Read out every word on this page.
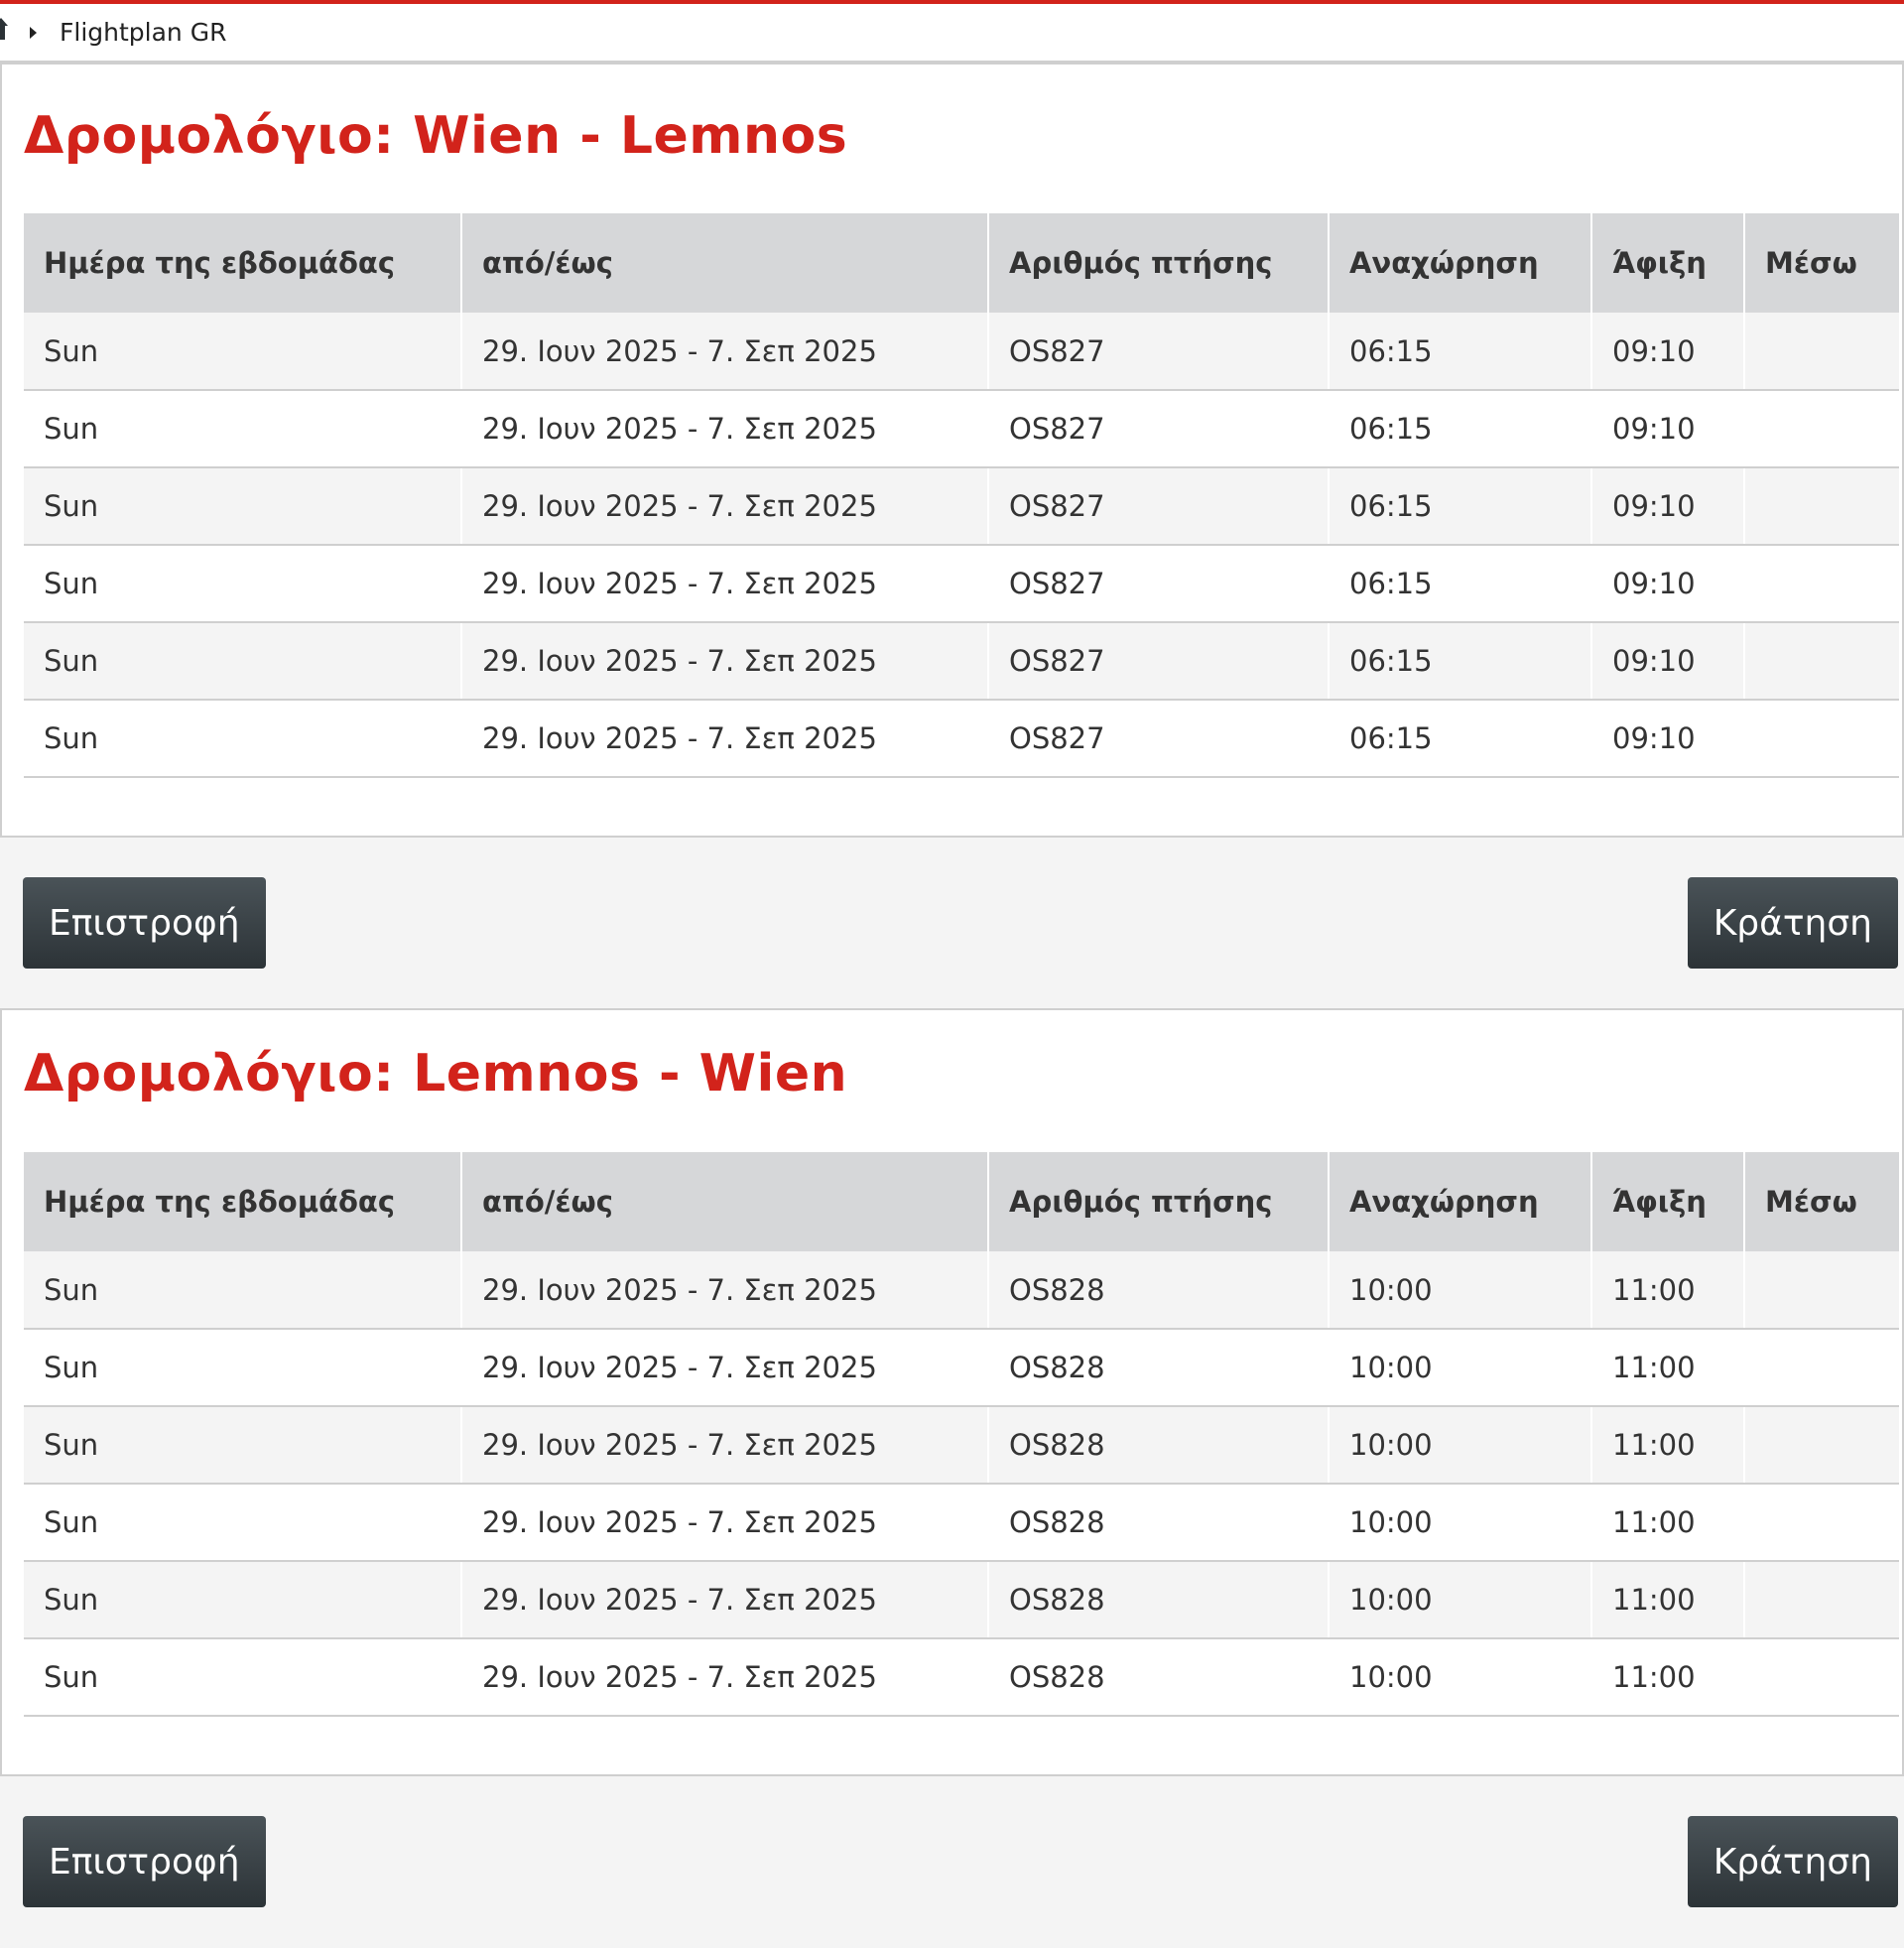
Flightplan GR
Δρομολόγιο: Wien - Lemnos
Ημέρα της εβδομάδας	από/έως	Αριθμός πτήσης	Αναχώρηση	Άφιξη	Μέσω
Sun	29. Ιουν 2025 - 7. Σεπ 2025	OS827	06:15	09:10	
Sun	29. Ιουν 2025 - 7. Σεπ 2025	OS827	06:15	09:10	
Sun	29. Ιουν 2025 - 7. Σεπ 2025	OS827	06:15	09:10	
Sun	29. Ιουν 2025 - 7. Σεπ 2025	OS827	06:15	09:10	
Sun	29. Ιουν 2025 - 7. Σεπ 2025	OS827	06:15	09:10	
Sun	29. Ιουν 2025 - 7. Σεπ 2025	OS827	06:15	09:10	
Επιστροφή	Κράτηση
Δρομολόγιο: Lemnos - Wien
Ημέρα της εβδομάδας	από/έως	Αριθμός πτήσης	Αναχώρηση	Άφιξη	Μέσω
Sun	29. Ιουν 2025 - 7. Σεπ 2025	OS828	10:00	11:00	
Sun	29. Ιουν 2025 - 7. Σεπ 2025	OS828	10:00	11:00	
Sun	29. Ιουν 2025 - 7. Σεπ 2025	OS828	10:00	11:00	
Sun	29. Ιουν 2025 - 7. Σεπ 2025	OS828	10:00	11:00	
Sun	29. Ιουν 2025 - 7. Σεπ 2025	OS828	10:00	11:00	
Sun	29. Ιουν 2025 - 7. Σεπ 2025	OS828	10:00	11:00	
Επιστροφή	Κράτηση
